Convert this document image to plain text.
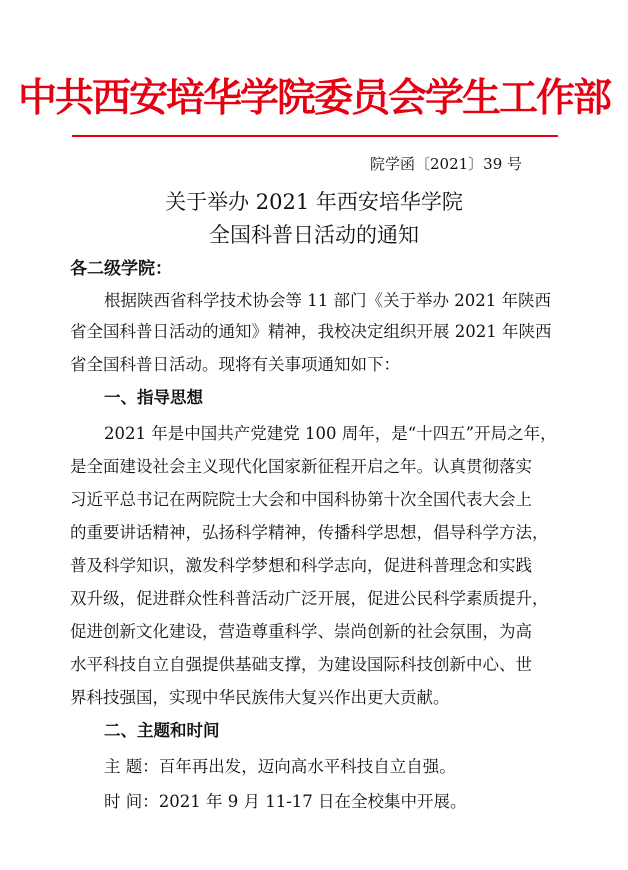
中共西安培华学院委员会学生工作部
院学函〔2021〕39 号
关于举办 2021 年西安培华学院
全国科普日活动的通知
各二级学院：
根据陕西省科学技术协会等 11 部门《关于举办 2021 年陕西
省全国科普日活动的通知》精神，我校决定组织开展 2021 年陕西
省全国科普日活动。现将有关事项通知如下：
一、指导思想
2021 年是中国共产党建党 100 周年，是“十四五”开局之年，
是全面建设社会主义现代化国家新征程开启之年。认真贯彻落实
习近平总书记在两院院士大会和中国科协第十次全国代表大会上
的重要讲话精神，弘扬科学精神，传播科学思想，倡导科学方法，
普及科学知识，激发科学梦想和科学志向，促进科普理念和实践
双升级，促进群众性科普活动广泛开展，促进公民科学素质提升，
促进创新文化建设，营造尊重科学、崇尚创新的社会氛围，为高
水平科技自立自强提供基础支撑，为建设国际科技创新中心、世
界科技强国，实现中华民族伟大复兴作出更大贡献。
二、主题和时间
主 题：百年再出发，迈向高水平科技自立自强。
时 间：2021 年 9 月 11-17 日在全校集中开展。
